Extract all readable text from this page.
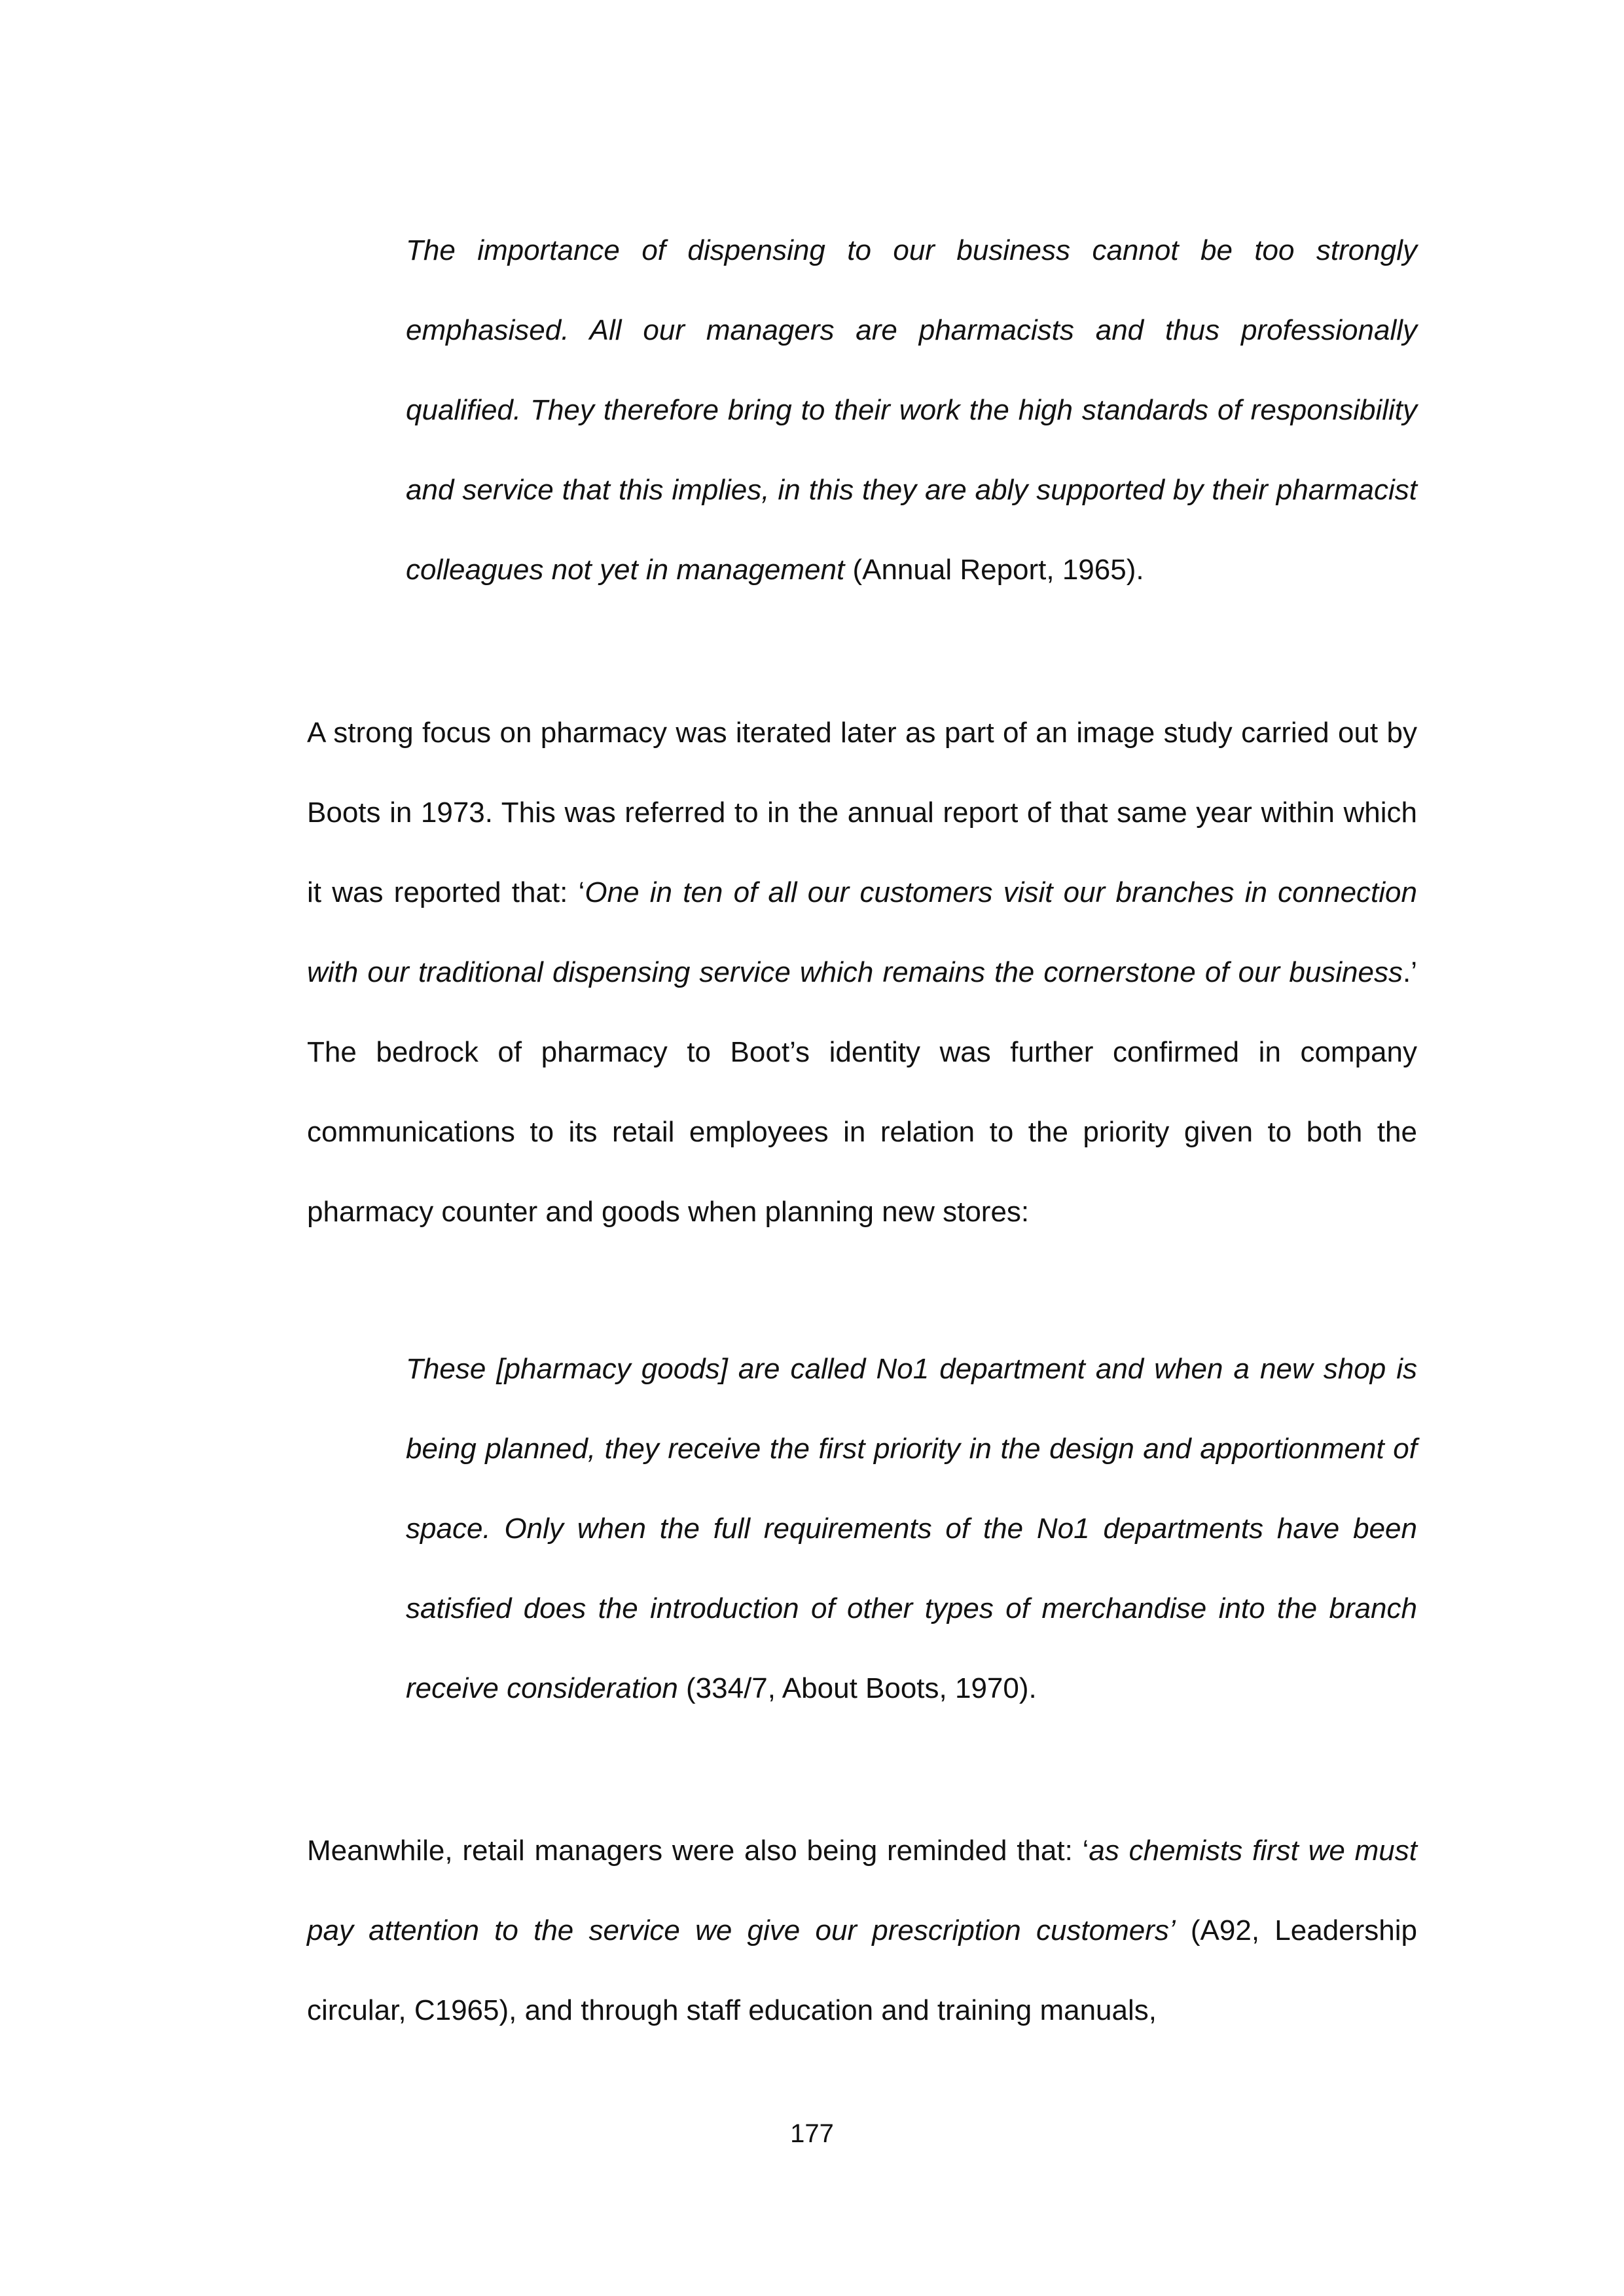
The importance of dispensing to our business cannot be too strongly emphasised. All our managers are pharmacists and thus professionally qualified. They therefore bring to their work the high standards of responsibility and service that this implies, in this they are ably supported by their pharmacist colleagues not yet in management (Annual Report, 1965).

A strong focus on pharmacy was iterated later as part of an image study carried out by Boots in 1973. This was referred to in the annual report of that same year within which it was reported that: ‘One in ten of all our customers visit our branches in connection with our traditional dispensing service which remains the cornerstone of our business.’ The bedrock of pharmacy to Boot’s identity was further confirmed in company communications to its retail employees in relation to the priority given to both the pharmacy counter and goods when planning new stores:

These [pharmacy goods] are called No1 department and when a new shop is being planned, they receive the first priority in the design and apportionment of space. Only when the full requirements of the No1 departments have been satisfied does the introduction of other types of merchandise into the branch receive consideration (334/7, About Boots, 1970).

Meanwhile, retail managers were also being reminded that: ‘as chemists first we must pay attention to the service we give our prescription customers’ (A92, Leadership circular, C1965), and through staff education and training manuals,

177
